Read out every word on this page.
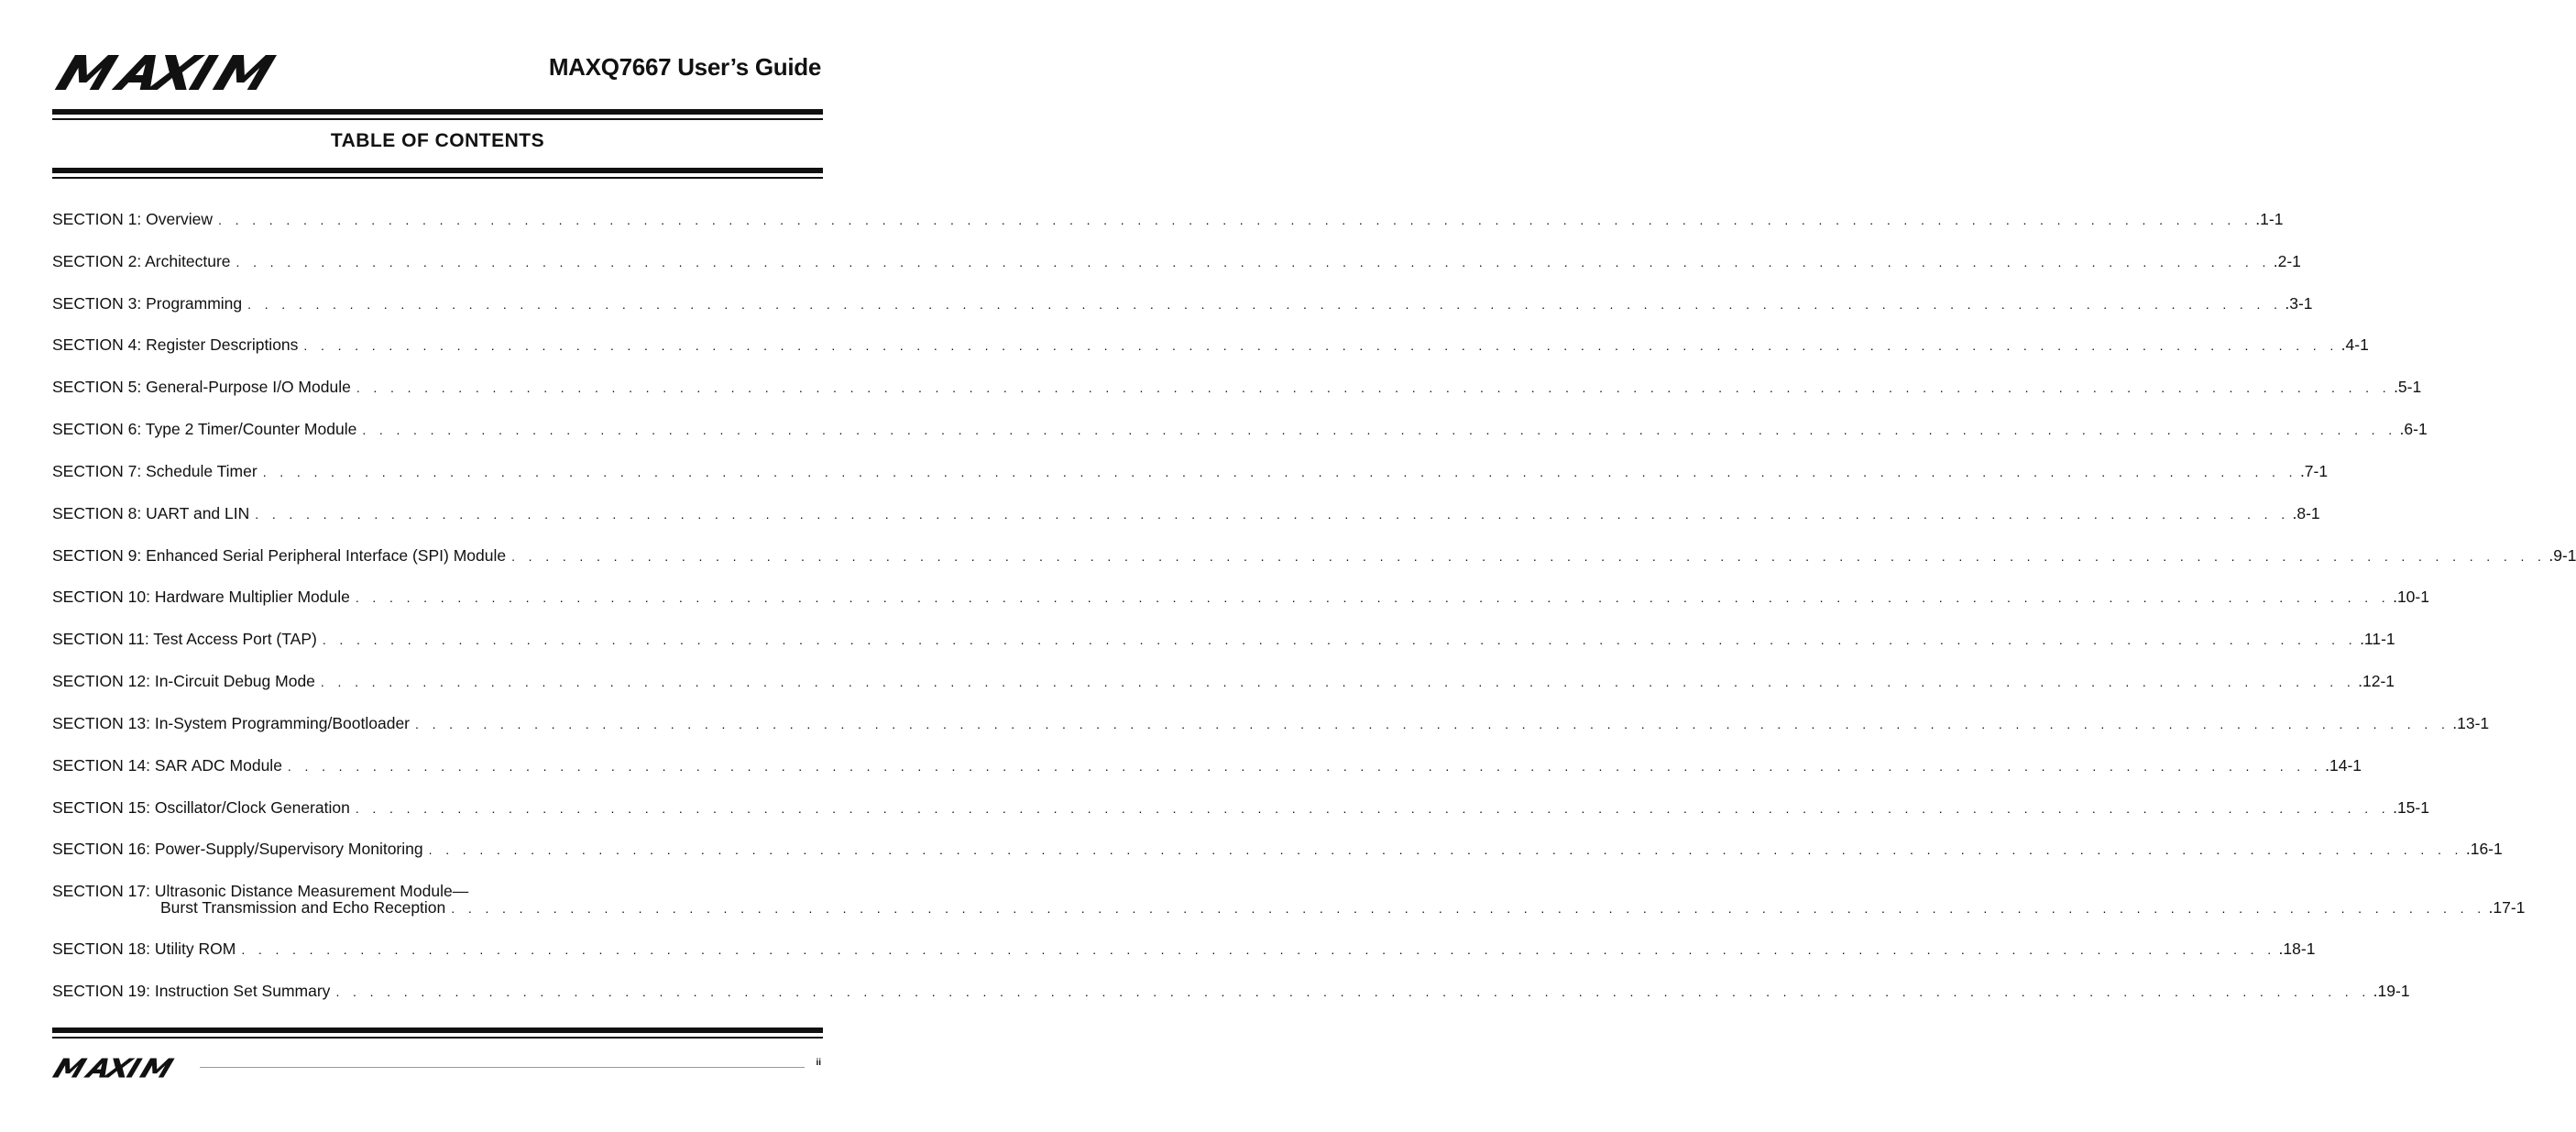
MAXQ7667 User’s Guide
TABLE OF CONTENTS
SECTION 1: Overview . . . . . . . . . . . . . . . . . . . . . . . . . . . . . . . . . . . . . . . . . . . . . . . . . . . . . . . . . . . . . . . . . . . . . . . . . . . . . . . . . . . . . . . . . . . . . . . . . . . . . . . . . . . . . . . . . . . . . . . . .1-1
SECTION 2: Architecture . . . . . . . . . . . . . . . . . . . . . . . . . . . . . . . . . . . . . . . . . . . . . . . . . . . . . . . . . . . . . . . . . . . . . . . . . . . . . . . . . . . . . . . . . . . . . . . . . . . . . . . . . . . . . . . . . . . . . . . . .2-1
SECTION 3: Programming . . . . . . . . . . . . . . . . . . . . . . . . . . . . . . . . . . . . . . . . . . . . . . . . . . . . . . . . . . . . . . . . . . . . . . . . . . . . . . . . . . . . . . . . . . . . . . . . . . . . . . . . . . . . . . . . . . . . . . . . .3-1
SECTION 4: Register Descriptions . . . . . . . . . . . . . . . . . . . . . . . . . . . . . . . . . . . . . . . . . . . . . . . . . . . . . . . . . . . . . . . . . . . . . . . . . . . . . . . . . . . . . . . . . . . . . . . . . . . . . . . . . . . . . . . . . . . . . . . . .4-1
SECTION 5: General-Purpose I/O Module . . . . . . . . . . . . . . . . . . . . . . . . . . . . . . . . . . . . . . . . . . . . . . . . . . . . . . . . . . . . . . . . . . . . . . . . . . . . . . . . . . . . . . . . . . . . . . . . . . . . . . . . . . . . . . . . . . . . . . . . .5-1
SECTION 6: Type 2 Timer/Counter Module . . . . . . . . . . . . . . . . . . . . . . . . . . . . . . . . . . . . . . . . . . . . . . . . . . . . . . . . . . . . . . . . . . . . . . . . . . . . . . . . . . . . . . . . . . . . . . . . . . . . . . . . . . . . . . . . . . . . . . . . .6-1
SECTION 7: Schedule Timer . . . . . . . . . . . . . . . . . . . . . . . . . . . . . . . . . . . . . . . . . . . . . . . . . . . . . . . . . . . . . . . . . . . . . . . . . . . . . . . . . . . . . . . . . . . . . . . . . . . . . . . . . . . . . . . . . . . . . . . . .7-1
SECTION 8: UART and LIN . . . . . . . . . . . . . . . . . . . . . . . . . . . . . . . . . . . . . . . . . . . . . . . . . . . . . . . . . . . . . . . . . . . . . . . . . . . . . . . . . . . . . . . . . . . . . . . . . . . . . . . . . . . . . . . . . . . . . . . . .8-1
SECTION 9: Enhanced Serial Peripheral Interface (SPI) Module . . . . . . . . . . . . . . . . . . . . . . . . . . . . . . . . . . . . . . . . . . . . . . . . . . . . . . . . . . . . . . . . . . . . . . . . . . . . . . . . . . . . . . . . . . . . . . . . . . . . . . . . . . . . . . . . . . . . . . . . .9-1
SECTION 10: Hardware Multiplier Module . . . . . . . . . . . . . . . . . . . . . . . . . . . . . . . . . . . . . . . . . . . . . . . . . . . . . . . . . . . . . . . . . . . . . . . . . . . . . . . . . . . . . . . . . . . . . . . . . . . . . . . . . . . . . . . . . . . . . . . . .10-1
SECTION 11: Test Access Port (TAP) . . . . . . . . . . . . . . . . . . . . . . . . . . . . . . . . . . . . . . . . . . . . . . . . . . . . . . . . . . . . . . . . . . . . . . . . . . . . . . . . . . . . . . . . . . . . . . . . . . . . . . . . . . . . . . . . . . . . . . . . .11-1
SECTION 12: In-Circuit Debug Mode . . . . . . . . . . . . . . . . . . . . . . . . . . . . . . . . . . . . . . . . . . . . . . . . . . . . . . . . . . . . . . . . . . . . . . . . . . . . . . . . . . . . . . . . . . . . . . . . . . . . . . . . . . . . . . . . . . . . . . . . .12-1
SECTION 13: In-System Programming/Bootloader . . . . . . . . . . . . . . . . . . . . . . . . . . . . . . . . . . . . . . . . . . . . . . . . . . . . . . . . . . . . . . . . . . . . . . . . . . . . . . . . . . . . . . . . . . . . . . . . . . . . . . . . . . . . . . . . . . . . . . . . .13-1
SECTION 14: SAR ADC Module . . . . . . . . . . . . . . . . . . . . . . . . . . . . . . . . . . . . . . . . . . . . . . . . . . . . . . . . . . . . . . . . . . . . . . . . . . . . . . . . . . . . . . . . . . . . . . . . . . . . . . . . . . . . . . . . . . . . . . . . .14-1
SECTION 15: Oscillator/Clock Generation . . . . . . . . . . . . . . . . . . . . . . . . . . . . . . . . . . . . . . . . . . . . . . . . . . . . . . . . . . . . . . . . . . . . . . . . . . . . . . . . . . . . . . . . . . . . . . . . . . . . . . . . . . . . . . . . . . . . . . . . .15-1
SECTION 16: Power-Supply/Supervisory Monitoring . . . . . . . . . . . . . . . . . . . . . . . . . . . . . . . . . . . . . . . . . . . . . . . . . . . . . . . . . . . . . . . . . . . . . . . . . . . . . . . . . . . . . . . . . . . . . . . . . . . . . . . . . . . . . . . . . . . . . . . . .16-1
SECTION 17: Ultrasonic Distance Measurement Module—
Burst Transmission and Echo Reception . . . . . . . . . . . . . . . . . . . . . . . . . . . . . . . . . . . . . . . . . . . . . . . . . . . . . . . . . . . . . . . . . . . . . . . . . . . . . . . . . . . . . . . . . . . . . . . . . . . . . . . . . . . . . . . . . . . . . . . . .17-1
SECTION 18: Utility ROM . . . . . . . . . . . . . . . . . . . . . . . . . . . . . . . . . . . . . . . . . . . . . . . . . . . . . . . . . . . . . . . . . . . . . . . . . . . . . . . . . . . . . . . . . . . . . . . . . . . . . . . . . . . . . . . . . . . . . . . . .18-1
SECTION 19: Instruction Set Summary . . . . . . . . . . . . . . . . . . . . . . . . . . . . . . . . . . . . . . . . . . . . . . . . . . . . . . . . . . . . . . . . . . . . . . . . . . . . . . . . . . . . . . . . . . . . . . . . . . . . . . . . . . . . . . . . . . . . . . . . .19-1
ii
